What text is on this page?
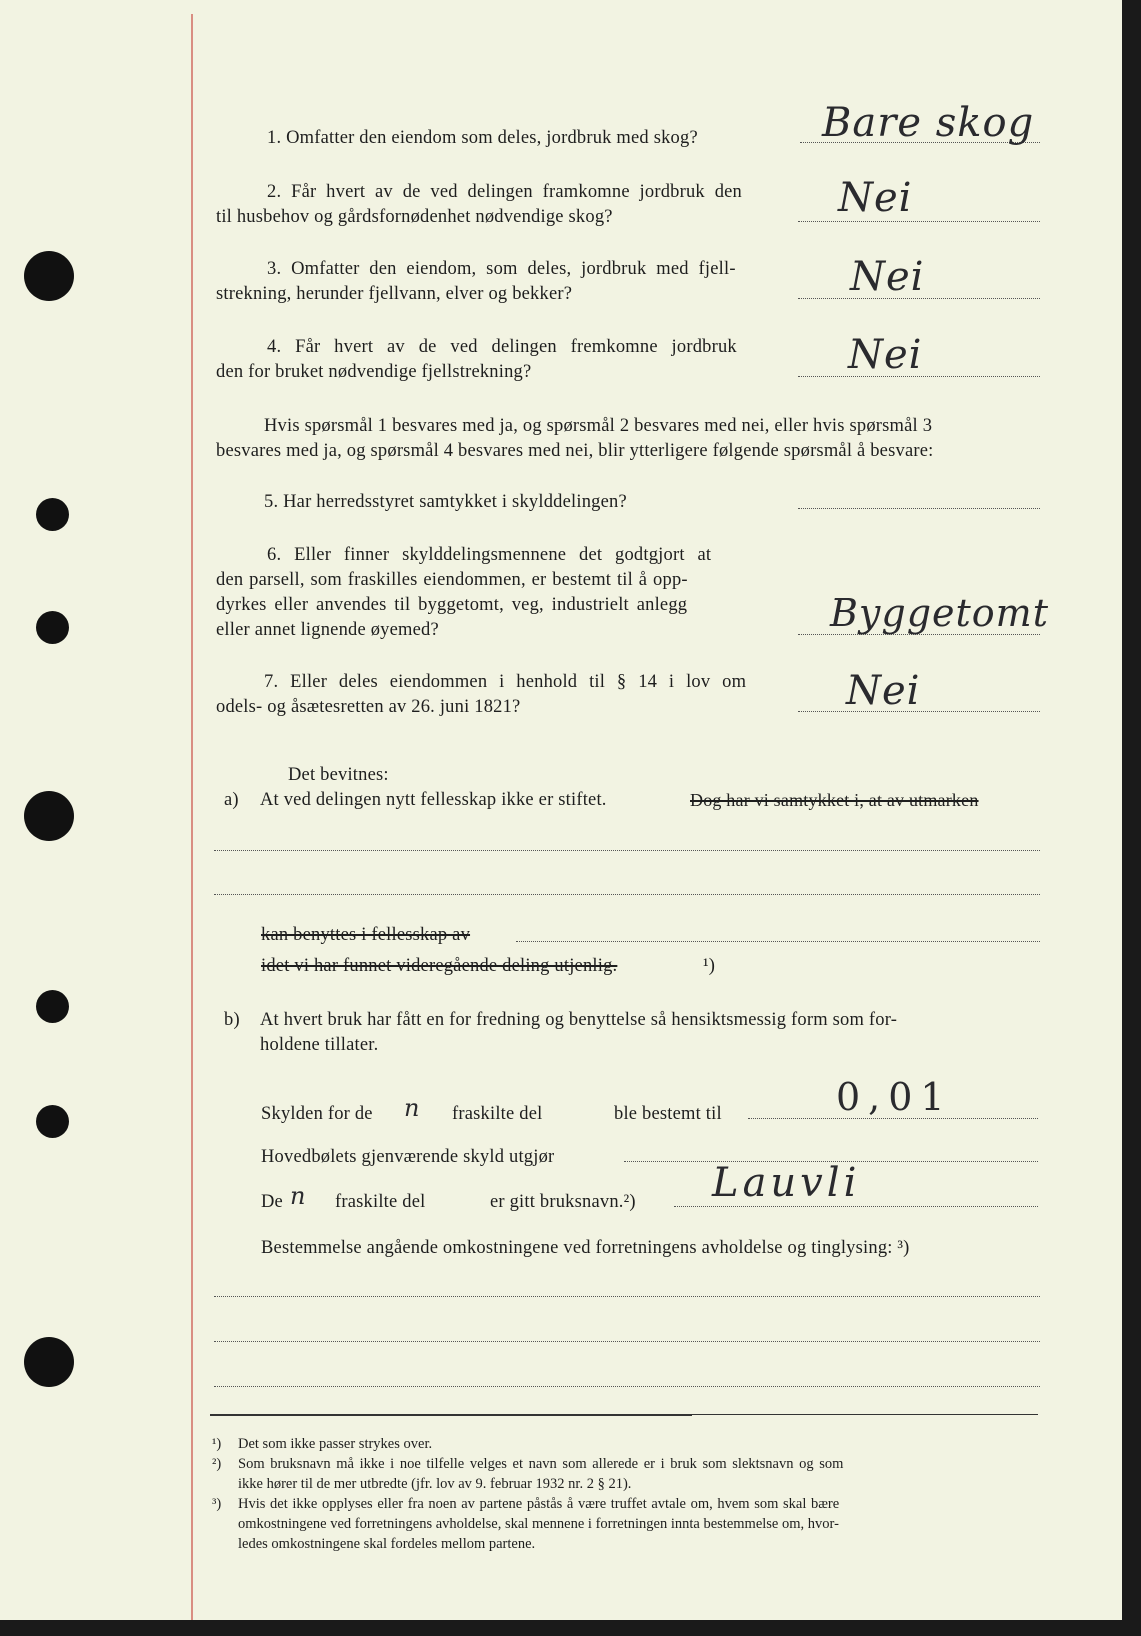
1. Omfatter den eiendom som deles, jordbruk med skog?	Bare skog
2. Får hvert av de ved delingen framkomne jordbruk den
til husbehov og gårdsfornødenhet nødvendige skog?	Nei
3. Omfatter den eiendom, som deles, jordbruk med fjell-
strekning, herunder fjellvann, elver og bekker?	Nei
4. Får hvert av de ved delingen fremkomne jordbruk
den for bruket nødvendige fjellstrekning?	Nei
Hvis spørsmål 1 besvares med ja, og spørsmål 2 besvares med nei, eller hvis spørsmål 3
besvares med ja, og spørsmål 4 besvares med nei, blir ytterligere følgende spørsmål å besvare:
5. Har herredsstyret samtykket i skylddelingen?
6. Eller finner skylddelingsmennene det godtgjort at
den parsell, som fraskilles eiendommen, er bestemt til å opp-
dyrkes eller anvendes til byggetomt, veg, industrielt anlegg
eller annet lignende øyemed?	Byggetomt
7. Eller deles eiendommen i henhold til § 14 i lov om
odels- og åsætesretten av 26. juni 1821?	Nei
Det bevitnes:
a) At ved delingen nytt fellesskap ikke er stiftet.	Dog har vi samtykket i, at av utmarken
kan benyttes i fellesskap av
idet vi har funnet videregående deling utjenlig.	¹)
b) At hvert bruk har fått en for fredning og benyttelse så hensiktsmessig form som for-
holdene tillater.
Skylden for de n fraskilte del	ble bestemt til	0,01
Hovedbølets gjenværende skyld utgjør
De n fraskilte del	er gitt bruksnavn.²) Lauvli
Bestemmelse angående omkostningene ved forretningens avholdelse og tinglysing: ³)
¹) Det som ikke passer strykes over.
²) Som bruksnavn må ikke i noe tilfelle velges et navn som allerede er i bruk som slektsnavn og som
ikke hører til de mer utbredte (jfr. lov av 9. februar 1932 nr. 2 § 21).
³) Hvis det ikke opplyses eller fra noen av partene påstås å være truffet avtale om, hvem som skal bære
omkostningene ved forretningens avholdelse, skal mennene i forretningen innta bestemmelse om, hvor-
ledes omkostningene skal fordeles mellom partene.
